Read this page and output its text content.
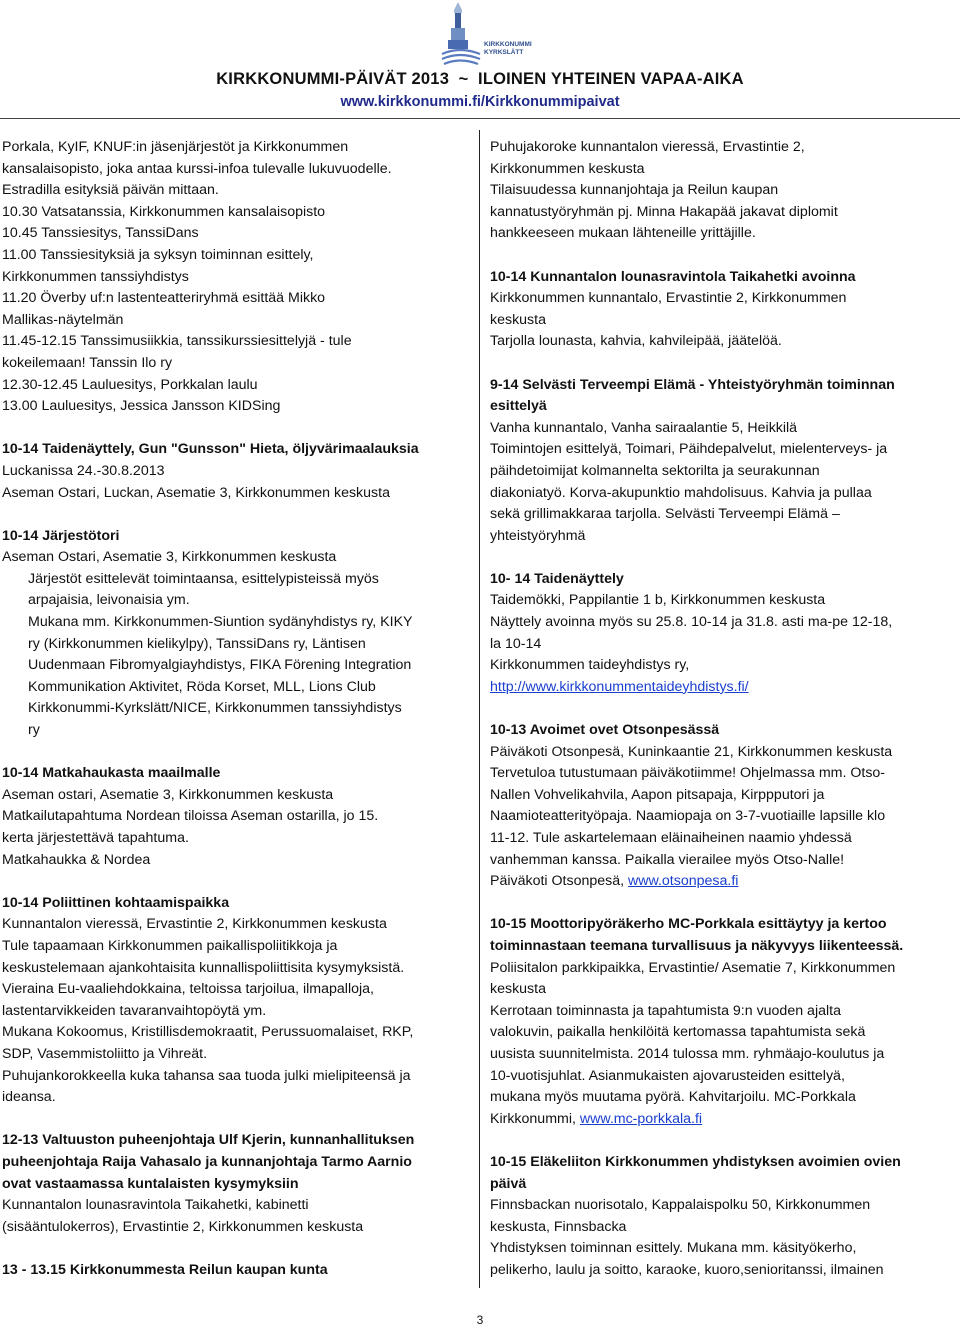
KIRKKONUMMI
KYRKSLÄTT
KIRKKONUMMI-PÄIVÄT 2013  ~  ILOINEN YHTEINEN VAPAA-AIKA
www.kirkkonummi.fi/Kirkkonummipaivat
Porkala, KyIF, KNUF:in jäsenjärjestöt ja Kirkkonummen
kansalaisopisto, joka antaa kurssi-infoa tulevalle lukuvuodelle.
Estradilla esityksiä päivän mittaan.
10.30 Vatsatanssia, Kirkkonummen kansalaisopisto
10.45 Tanssiesitys, TanssiDans
11.00 Tanssiesityksiä ja syksyn toiminnan esittely,
Kirkkonummen tanssiyhdistys
11.20 Överby uf:n lastenteatteriryhmä esittää Mikko
Mallikas-näytelmän
11.45-12.15 Tanssimusiikkia, tanssikurssiesittelyjä - tule
kokeilemaan! Tanssin Ilo ry
12.30-12.45 Lauluesitys, Porkkalan laulu
13.00 Lauluesitys, Jessica Jansson KIDSing
10-14 Taidenäyttely, Gun "Gunsson" Hieta, öljyvärimaalauksia
Luckanissa 24.-30.8.2013
Aseman Ostari, Luckan, Asematie 3, Kirkkonummen keskusta
10-14 Järjestötori
Aseman Ostari, Asematie 3, Kirkkonummen keskusta
Järjestöt esittelevät toimintaansa, esittelypisteissä myös
arpajaisia, leivonaisia ym.
Mukana mm. Kirkkonummen-Siuntion sydänyhdistys ry, KIKY
ry (Kirkkonummen kielikylpy), TanssiDans ry, Läntisen
Uudenmaan Fibromyalgiayhdistys, FIKA Förening Integration
Kommunikation Aktivitet, Röda Korset, MLL, Lions Club
Kirkkonummi-Kyrkslätt/NICE, Kirkkonummen tanssiyhdistys
ry
10-14 Matkahaukasta maailmalle
Aseman ostari, Asematie 3, Kirkkonummen keskusta
Matkailutapahtuma Nordean tiloissa Aseman ostarilla, jo 15.
kerta järjestettävä tapahtuma.
Matkahaukka & Nordea
10-14 Poliittinen kohtaamispaikka
Kunnantalon vieressä, Ervastintie 2, Kirkkonummen keskusta
Tule tapaamaan Kirkkonummen paikallispoliitikkoja ja
keskustelemaan ajankohtaisita kunnallispoliittisita kysymyksistä.
Vieraina Eu-vaaliehdokkaina, teltoissa tarjoilua, ilmapalloja,
lastentarvikkeiden tavaranvaihtopöytä ym.
Mukana Kokoomus, Kristillisdemokraatit, Perussuomalaiset, RKP,
SDP, Vasemmistoliitto ja Vihreät.
Puhujankorokkeella kuka tahansa saa tuoda julki mielipiteensä ja
ideansa.
12-13 Valtuuston puheenjohtaja Ulf Kjerin, kunnanhallituksen
puheenjohtaja Raija Vahasalo ja kunnanjohtaja Tarmo Aarnio
ovat vastaamassa kuntalaisten kysymyksiin
Kunnantalon lounasravintola Taikahetki, kabinetti
(sisääntulokerros), Ervastintie 2, Kirkkonummen keskusta
13 - 13.15 Kirkkonummesta Reilun kaupan kunta
Puhujakoroke kunnantalon vieressä, Ervastintie 2,
Kirkkonummen keskusta
Tilaisuudessa kunnanjohtaja ja Reilun kaupan
kannatustyöryhmän pj. Minna Hakapää jakavat diplomit
hankkeeseen mukaan lähteneille yrittäjille.
10-14 Kunnantalon lounasravintola Taikahetki avoinna
Kirkkonummen kunnantalo, Ervastintie 2, Kirkkonummen
keskusta
Tarjolla lounasta, kahvia, kahvileipää, jäätelöä.
9-14 Selvästi Terveempi Elämä - Yhteistyöryhmän toiminnan
esittelyä
Vanha kunnantalo, Vanha sairaalantie 5, Heikkilä
Toimintojen esittelyä, Toimari, Päihdepalvelut, mielenterveys- ja
päihdetoimijat kolmannelta sektorilta ja seurakunnan
diakoniatyö. Korva-akupunktio mahdolisuus. Kahvia ja pullaa
sekä grillimakkaraa tarjolla. Selvästi Terveempi Elämä –
yhteistyöryhmä
10- 14 Taidenäyttely
Taidemökki, Pappilantie 1 b, Kirkkonummen keskusta
Näyttely avoinna myös su 25.8. 10-14 ja 31.8. asti ma-pe 12-18,
la 10-14
Kirkkonummen taideyhdistys ry,
http://www.kirkkonummentaideyhdistys.fi/
10-13 Avoimet ovet Otsonpesässä
Päiväkoti Otsonpesä, Kuninkaantie 21, Kirkkonummen keskusta
Tervetuloa tutustumaan päiväkotiimme! Ohjelmassa mm. Otso-
Nallen Vohvelikahvila, Aapon pitsapaja, Kirppputori ja
Naamioteatterityöpaja. Naamiopaja on 3-7-vuotiaille lapsille klo
11-12. Tule askartelemaan eläinaiheinen naamio yhdessä
vanhemman kanssa. Paikalla vierailee myös Otso-Nalle!
Päiväkoti Otsonpesä, www.otsonpesa.fi
10-15 Moottoripyöräkerho MC-Porkkala esittäytyy ja kertoo
toiminnastaan teemana turvallisuus ja näkyvyys liikenteessä.
Poliisitalon parkkipaikka, Ervastintie/ Asematie 7, Kirkkonummen
keskusta
Kerrotaan toiminnasta ja tapahtumista 9:n vuoden ajalta
valokuvin, paikalla henkilöitä kertomassa tapahtumista sekä
uusista suunnitelmista. 2014 tulossa mm. ryhmäajo-koulutus ja
10-vuotisjuhlat. Asianmukaisten ajovarusteiden esittelyä,
mukana myös muutama pyörä. Kahvitarjoilu. MC-Porkkala
Kirkkonummi, www.mc-porkkala.fi
10-15 Eläkeliiton Kirkkonummen yhdistyksen avoimien ovien
päivä
Finnsbackan nuorisotalo, Kappalaispolku 50, Kirkkonummen
keskusta, Finnsbacka
Yhdistyksen toiminnan esittely. Mukana mm. käsityökerho,
pelikerho, laulu ja soitto, karaoke, kuoro,senioritanssi, ilmainen
3
